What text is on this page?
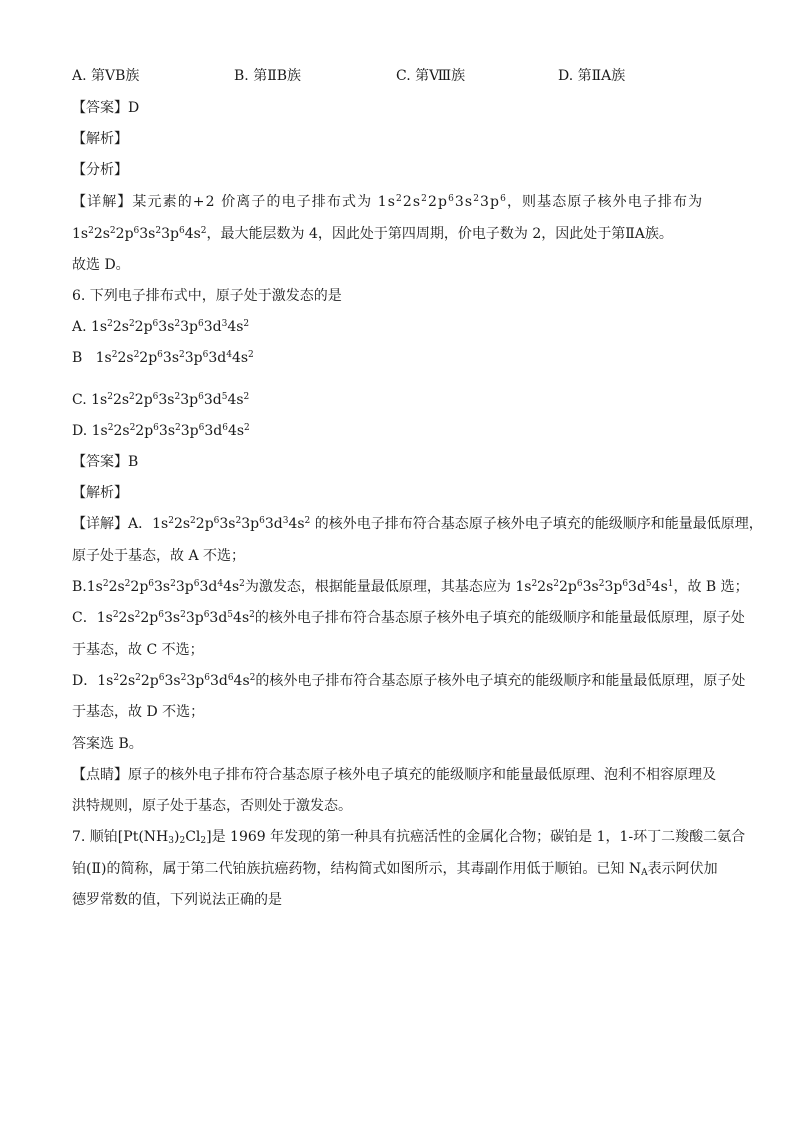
A. 第ⅤB族	B. 第ⅡB族	C. 第Ⅷ族	D. 第ⅡA族
【答案】D
【解析】
【分析】
【详解】某元素的+2 价离子的电子排布式为 $1s^22s^22p^63s^23p^6$，则基态原子核外电子排布为
$1s^22s^22p^63s^23p^64s^2$，最大能层数为 4，因此处于第四周期，价电子数为 2，因此处于第ⅡA族。
故选 D。
6. 下列电子排布式中，原子处于激发态的是
A. $1s^22s^22p^63s^23p^63d^34s^2$
B   $1s^22s^22p^63s^23p^63d^44s^2$
C. $1s^22s^22p^63s^23p^63d^54s^2$
D. $1s^22s^22p^63s^23p^63d^64s^2$
【答案】B
【解析】
【详解】A．$1s^22s^22p^63s^23p^63d^34s^2$ 的核外电子排布符合基态原子核外电子填充的能级顺序和能量最低原理，
原子处于基态，故 A 不选；
$B.1s^22s^22p^63s^23p^63d^44s^2$为激发态，根据能量最低原理，其基态应为 $1s^22s^22p^63s^23p^63d^54s^1$，故 B 选；
C．$1s^22s^22p^63s^23p^63d^54s^2$的核外电子排布符合基态原子核外电子填充的能级顺序和能量最低原理，原子处
于基态，故 C 不选；
D．$1s^22s^22p^63s^23p^63d^64s^2$的核外电子排布符合基态原子核外电子填充的能级顺序和能量最低原理，原子处
于基态，故 D 不选；
答案选 B。
【点睛】原子的核外电子排布符合基态原子核外电子填充的能级顺序和能量最低原理、泡利不相容原理及
洪特规则，原子处于基态，否则处于激发态。
7. 顺铂$[Pt(NH_3)_2Cl_2]$是 1969 年发现的第一种具有抗癌活性的金属化合物；碳铂是 1，1-环丁二羧酸二氨合
铂(Ⅱ)的简称，属于第二代铂族抗癌药物，结构简式如图所示，其毒副作用低于顺铂。已知 $N_A$表示阿伏加
德罗常数的值，下列说法正确的是
